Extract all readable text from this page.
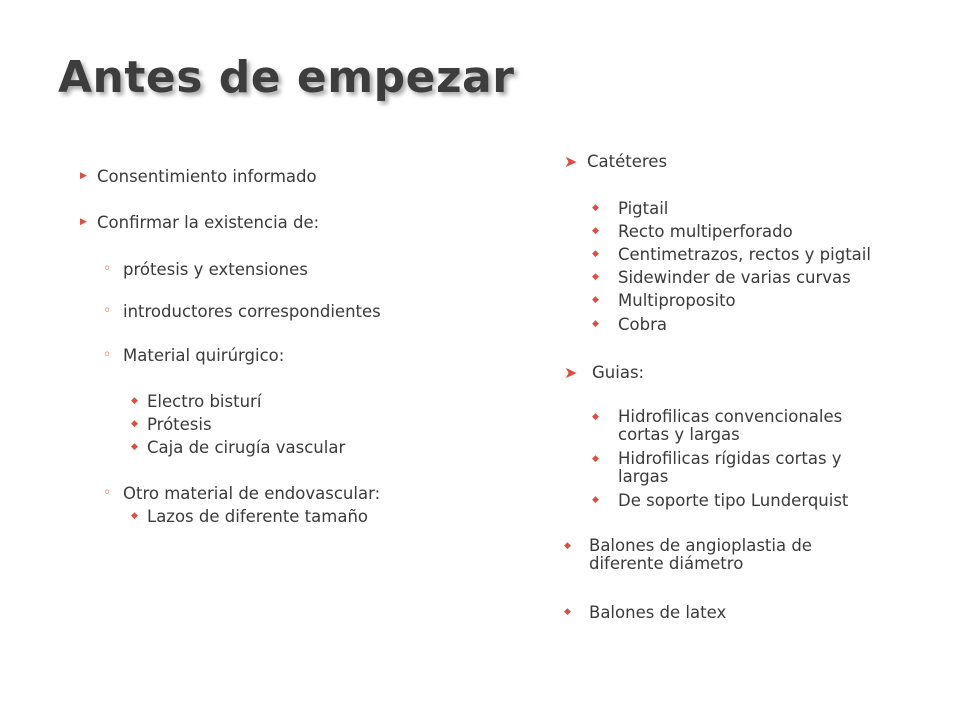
Antes de empezar
▶ Consentimiento informado
▶ Confirmar la existencia de:
◦ prótesis y extensiones
◦ introductores correspondientes
◦ Material quirúrgico:
◆ Electro bisturí
◆ Prótesis
◆ Caja de cirugía vascular
◦ Otro material de endovascular:
◆ Lazos de diferente tamaño
➤ Catéteres
◆ Pigtail
◆ Recto multiperforado
◆ Centimetrazos, rectos y pigtail
◆ Sidewinder de varias curvas
◆ Multiproposito
◆ Cobra
➤ Guias:
◆ Hidrofilicas convencionales cortas y largas
◆ Hidrofilicas rígidas cortas y largas
◆ De soporte tipo Lunderquist
◆ Balones de angioplastia de diferente diámetro
◆ Balones de latex
